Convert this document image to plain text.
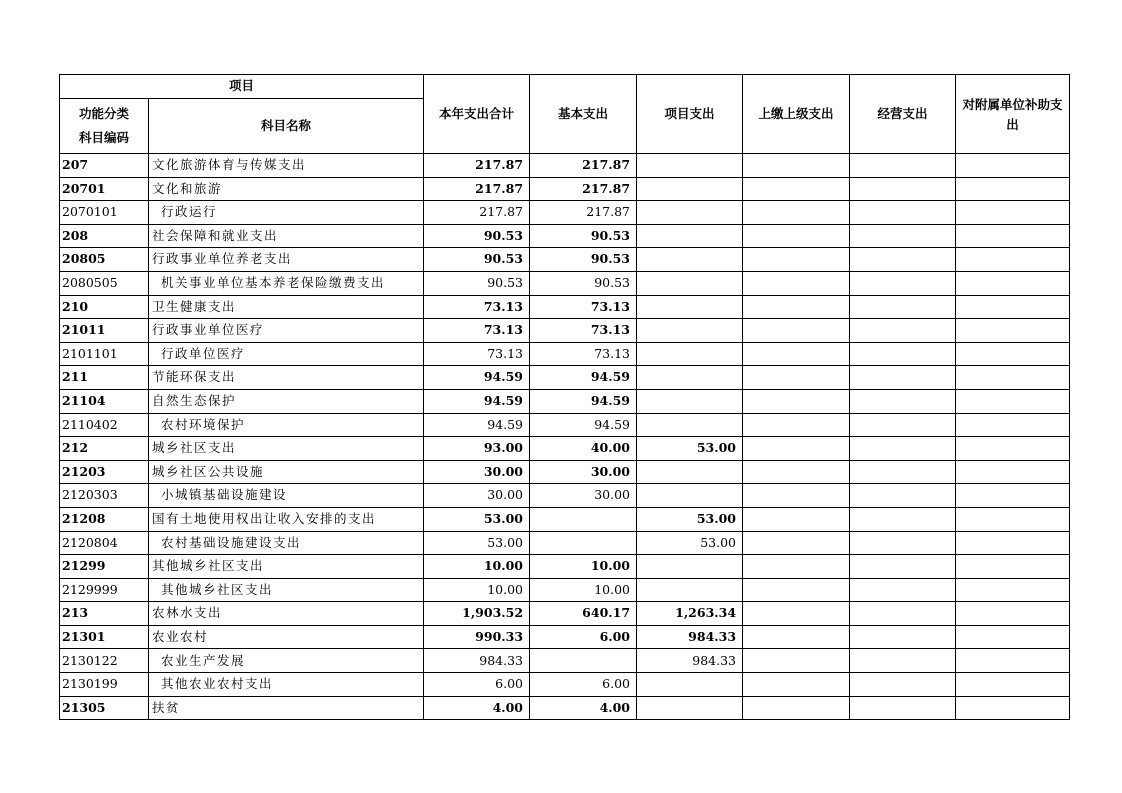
项目		本年支出合计	基本支出	项目支出	上缴上级支出	经营支出	对附属单位补助支出
功能分类
科目编码	科目名称						
207	文化旅游体育与传媒支出	217.87	217.87				
20701	文化和旅游	217.87	217.87				
2070101	行政运行	217.87	217.87				
208	社会保障和就业支出	90.53	90.53				
20805	行政事业单位养老支出	90.53	90.53				
2080505	机关事业单位基本养老保险缴费支出	90.53	90.53				
210	卫生健康支出	73.13	73.13				
21011	行政事业单位医疗	73.13	73.13				
2101101	行政单位医疗	73.13	73.13				
211	节能环保支出	94.59	94.59				
21104	自然生态保护	94.59	94.59				
2110402	农村环境保护	94.59	94.59				
212	城乡社区支出	93.00	40.00	53.00			
21203	城乡社区公共设施	30.00	30.00				
2120303	小城镇基础设施建设	30.00	30.00				
21208	国有土地使用权出让收入安排的支出	53.00		53.00			
2120804	农村基础设施建设支出	53.00		53.00			
21299	其他城乡社区支出	10.00	10.00				
2129999	其他城乡社区支出	10.00	10.00				
213	农林水支出	1,903.52	640.17	1,263.34			
21301	农业农村	990.33	6.00	984.33			
2130122	农业生产发展	984.33		984.33			
2130199	其他农业农村支出	6.00	6.00				
21305	扶贫	4.00	4.00				
